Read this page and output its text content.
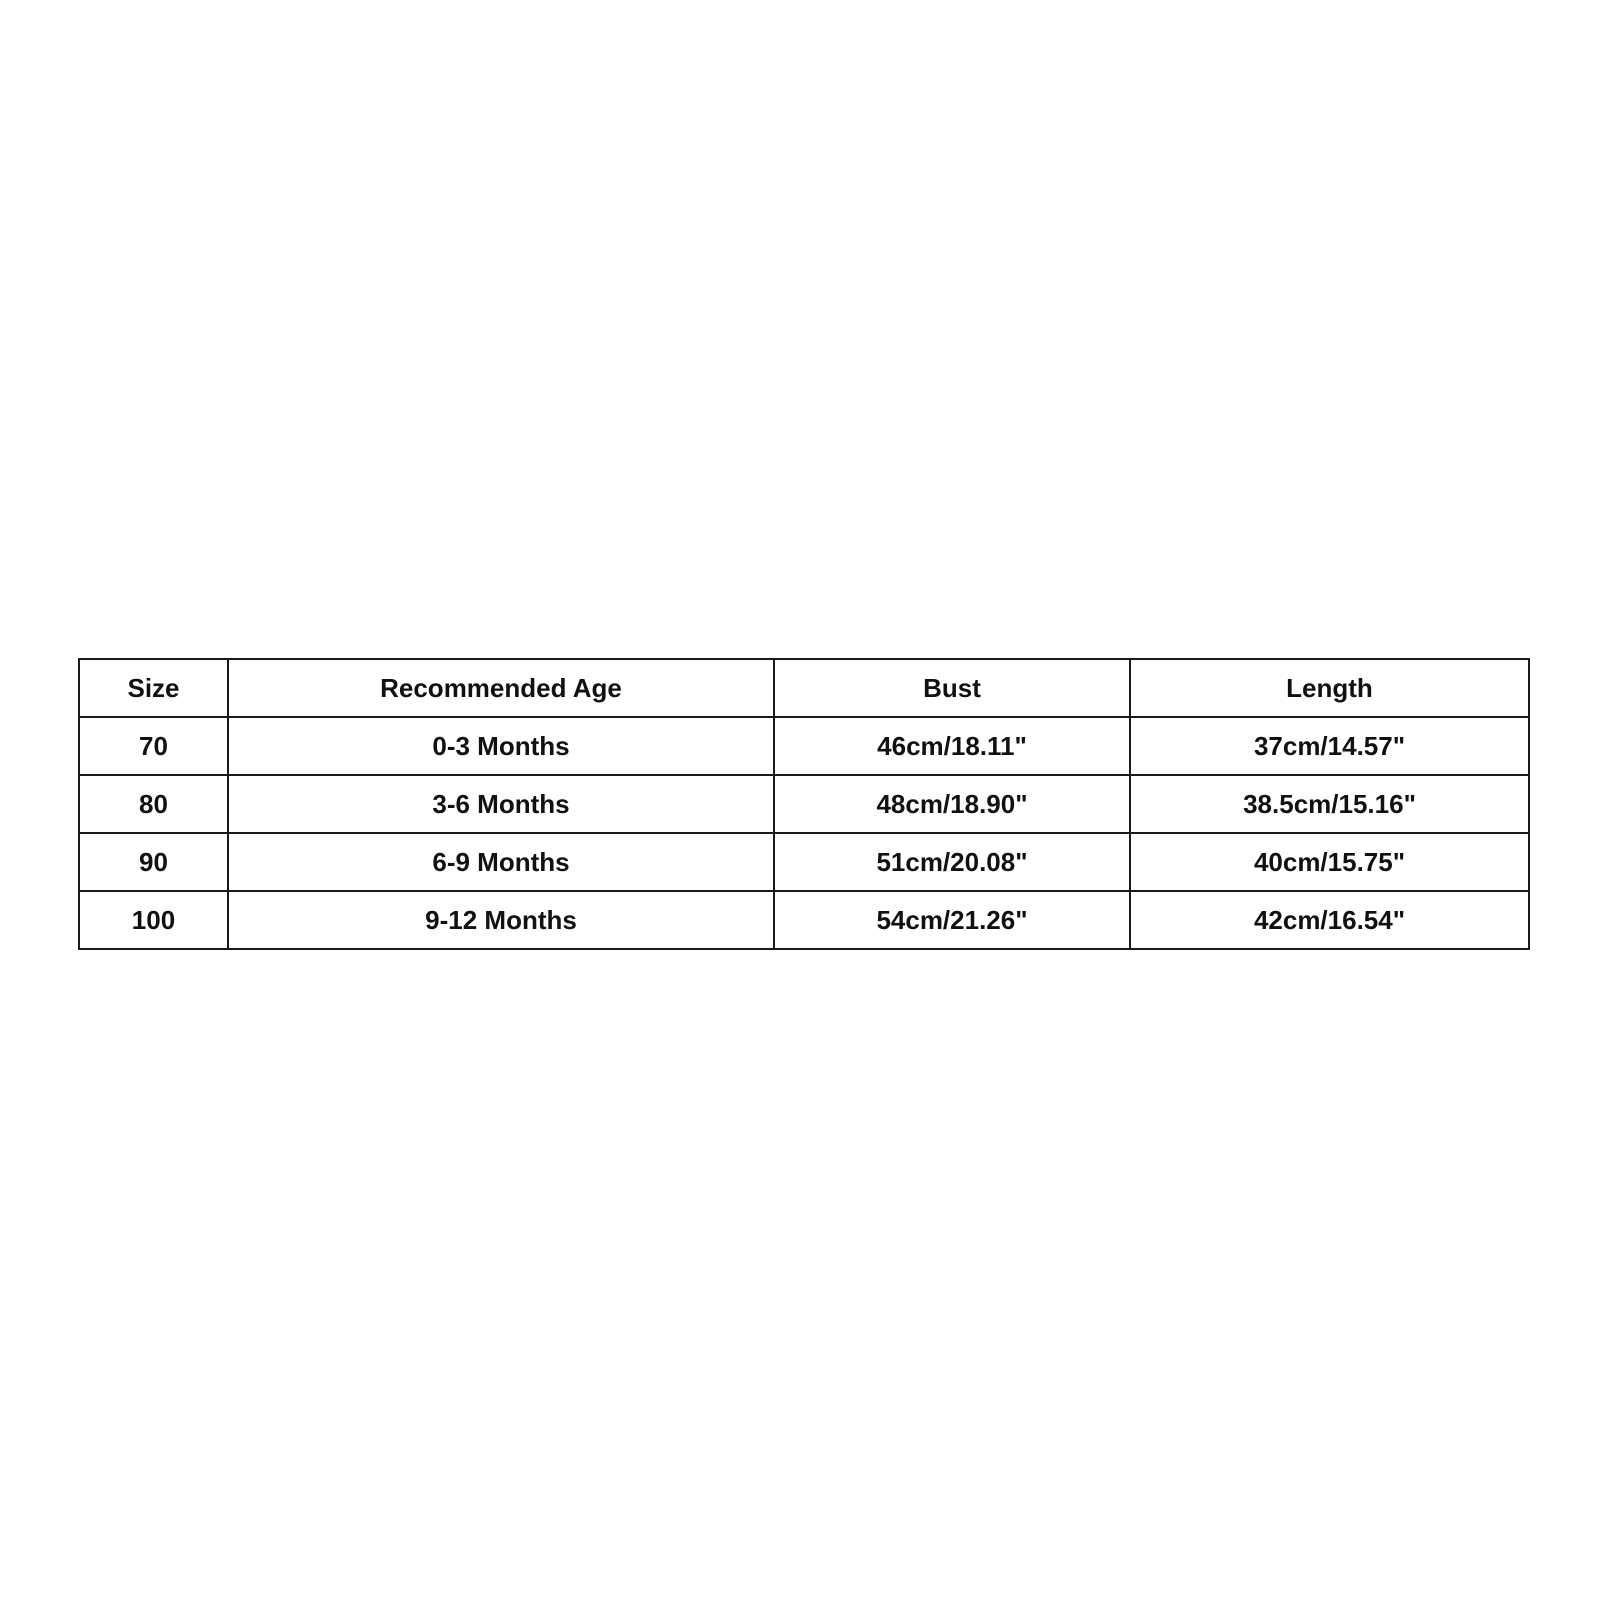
Size	Recommended Age	Bust	Length
70	0-3 Months	46cm/18.11"	37cm/14.57"
80	3-6 Months	48cm/18.90"	38.5cm/15.16"
90	6-9 Months	51cm/20.08"	40cm/15.75"
100	9-12 Months	54cm/21.26"	42cm/16.54"
